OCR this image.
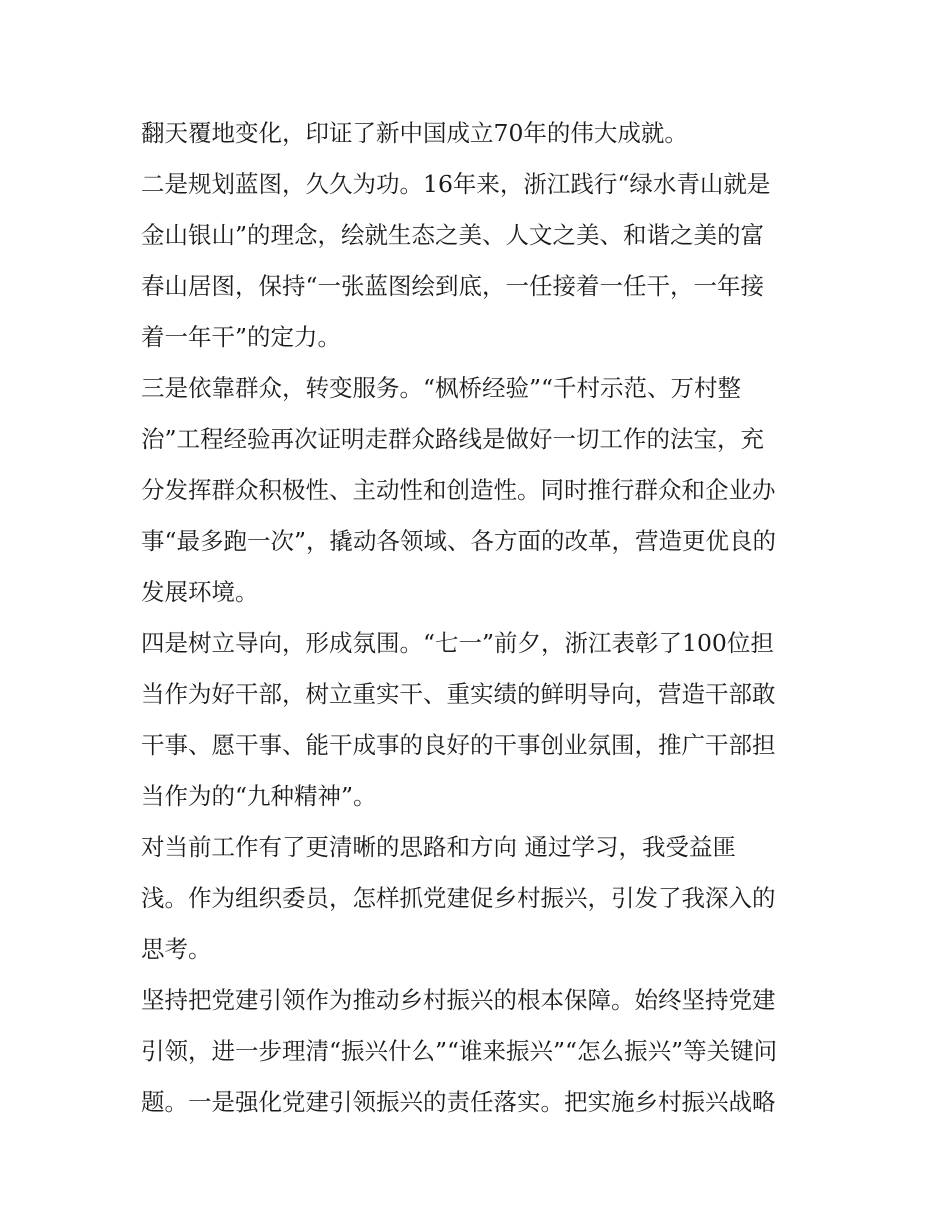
翻天覆地变化，印证了新中国成立70年的伟大成就。
二是规划蓝图，久久为功。16年来，浙江践行“绿水青山就是
金山银山”的理念，绘就生态之美、人文之美、和谐之美的富
春山居图，保持“一张蓝图绘到底，一任接着一任干，一年接
着一年干”的定力。
三是依靠群众，转变服务。“枫桥经验”“千村示范、万村整
治”工程经验再次证明走群众路线是做好一切工作的法宝，充
分发挥群众积极性、主动性和创造性。同时推行群众和企业办
事“最多跑一次”，撬动各领域、各方面的改革，营造更优良的
发展环境。
四是树立导向，形成氛围。“七一”前夕，浙江表彰了100位担
当作为好干部，树立重实干、重实绩的鲜明导向，营造干部敢
干事、愿干事、能干成事的良好的干事创业氛围，推广干部担
当作为的“九种精神”。
对当前工作有了更清晰的思路和方向 通过学习，我受益匪
浅。作为组织委员，怎样抓党建促乡村振兴，引发了我深入的
思考。
坚持把党建引领作为推动乡村振兴的根本保障。始终坚持党建
引领，进一步理清“振兴什么”“谁来振兴”“怎么振兴”等关键问
题。一是强化党建引领振兴的责任落实。把实施乡村振兴战略
